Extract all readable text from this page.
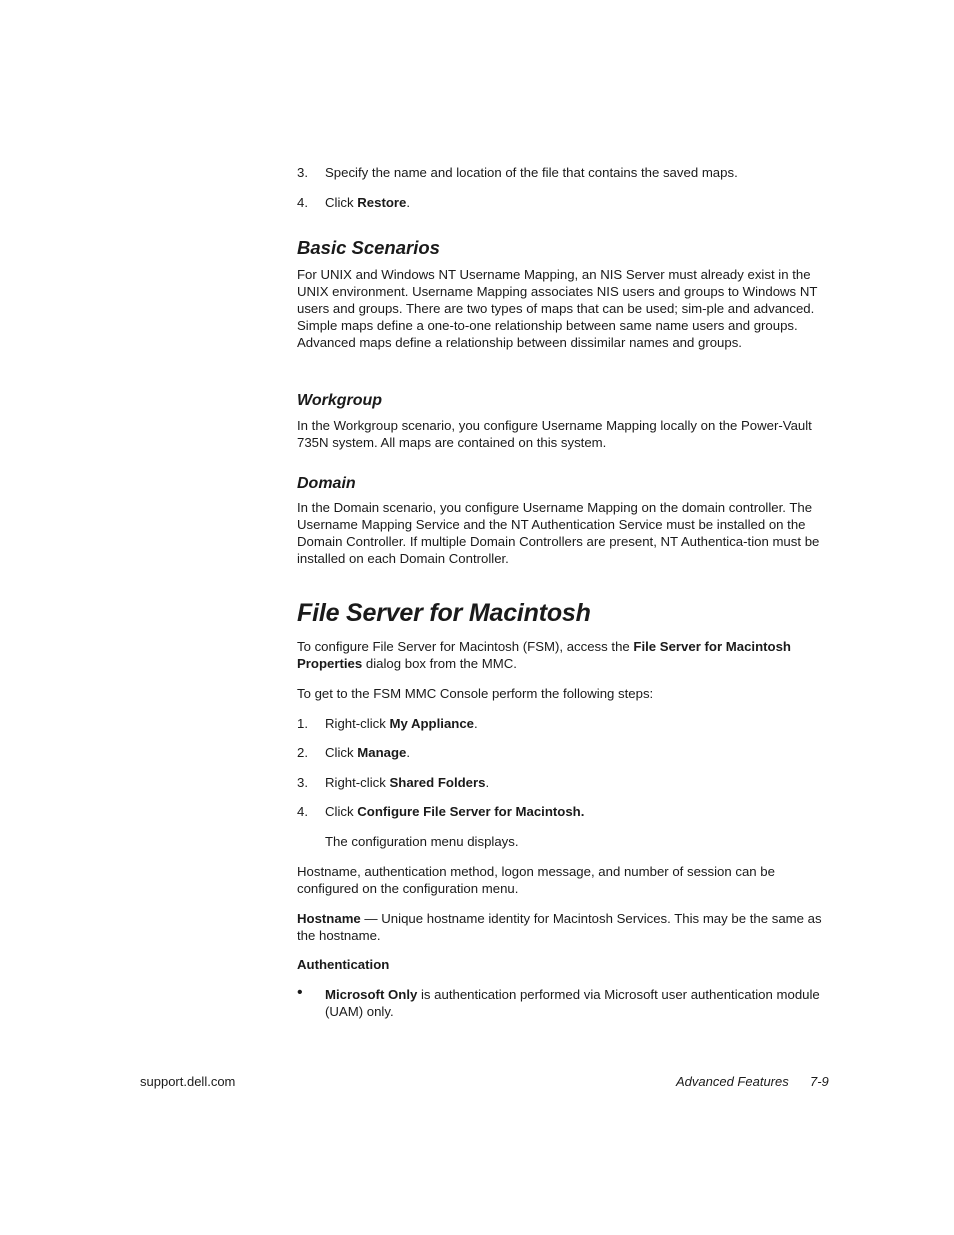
3.	Specify the name and location of the file that contains the saved maps.
4.	Click Restore.
Basic Scenarios

For UNIX and Windows NT Username Mapping, an NIS Server must already exist in the UNIX environment. Username Mapping associates NIS users and groups to Windows NT users and groups. There are two types of maps that can be used; sim-ple and advanced. Simple maps define a one-to-one relationship between same name users and groups. Advanced maps define a relationship between dissimilar names and groups.

Workgroup

In the Workgroup scenario, you configure Username Mapping locally on the Power-Vault 735N system. All maps are contained on this system.

Domain

In the Domain scenario, you configure Username Mapping on the domain controller. The Username Mapping Service and the NT Authentication Service must be installed on the Domain Controller. If multiple Domain Controllers are present, NT Authentica-tion must be installed on each Domain Controller.

File Server for Macintosh

To configure File Server for Macintosh (FSM), access the File Server for Macintosh Properties dialog box from the MMC.

To get to the FSM MMC Console perform the following steps:

1.	Right-click My Appliance.
2.	Click Manage.
3.	Right-click Shared Folders.
4.	Click Configure File Server for Macintosh.

The configuration menu displays.

Hostname, authentication method, logon message, and number of session can be configured on the configuration menu.

Hostname — Unique hostname identity for Macintosh Services. This may be the same as the hostname.

Authentication

• Microsoft Only is authentication performed via Microsoft user authentication module (UAM) only.

support.dell.com	Advanced Features 7-9
